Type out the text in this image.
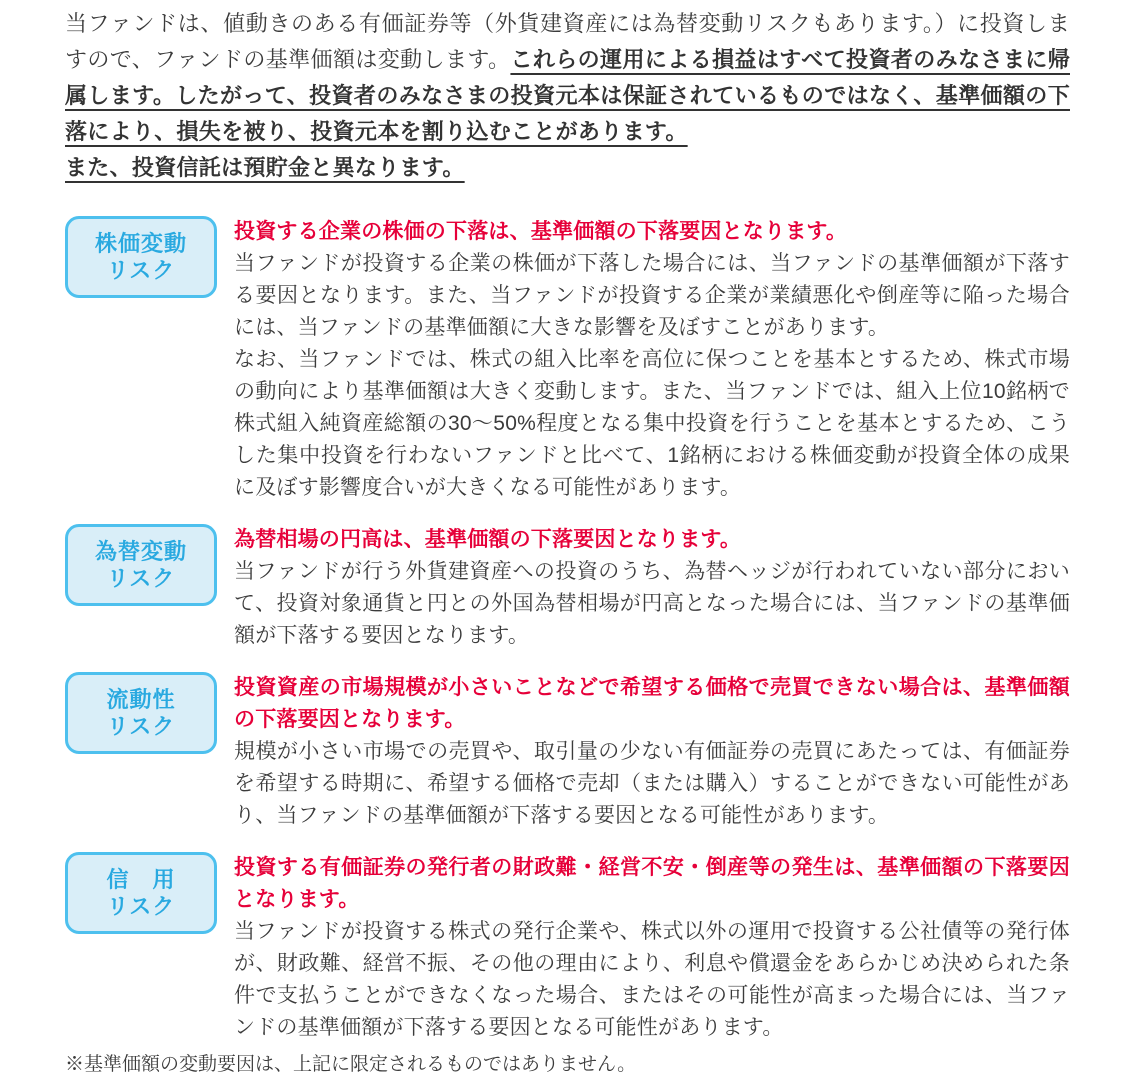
当ファンドは、値動きのある有価証券等（外貨建資産には為替変動リスクもあります。）に投資しますので、ファンドの基準価額は変動します。これらの運用による損益はすべて投資者のみなさまに帰属します。したがって、投資者のみなさまの投資元本は保証されているものではなく、基準価額の下落により、損失を被り、投資元本を割り込むことがあります。

また、投資信託は預貯金と異なります。

株価変動
リスク

投資する企業の株価の下落は、基準価額の下落要因となります。

当ファンドが投資する企業の株価が下落した場合には、当ファンドの基準価額が下落する要因となります。また、当ファンドが投資する企業が業績悪化や倒産等に陥った場合には、当ファンドの基準価額に大きな影響を及ぼすことがあります。

なお、当ファンドでは、株式の組入比率を高位に保つことを基本とするため、株式市場の動向により基準価額は大きく変動します。また、当ファンドでは、組入上位10銘柄で株式組入純資産総額の30〜50%程度となる集中投資を行うことを基本とするため、こうした集中投資を行わないファンドと比べて、1銘柄における株価変動が投資全体の成果に及ぼす影響度合いが大きくなる可能性があります。

為替変動
リスク

為替相場の円高は、基準価額の下落要因となります。

当ファンドが行う外貨建資産への投資のうち、為替ヘッジが行われていない部分において、投資対象通貨と円との外国為替相場が円高となった場合には、当ファンドの基準価額が下落する要因となります。

流動性
リスク

投資資産の市場規模が小さいことなどで希望する価格で売買できない場合は、基準価額の下落要因となります。

規模が小さい市場での売買や、取引量の少ない有価証券の売買にあたっては、有価証券を希望する時期に、希望する価格で売却（または購入）することができない可能性があり、当ファンドの基準価額が下落する要因となる可能性があります。

信　用
リスク

投資する有価証券の発行者の財政難・経営不安・倒産等の発生は、基準価額の下落要因となります。

当ファンドが投資する株式の発行企業や、株式以外の運用で投資する公社債等の発行体が、財政難、経営不振、その他の理由により、利息や償還金をあらかじめ決められた条件で支払うことができなくなった場合、またはその可能性が高まった場合には、当ファンドの基準価額が下落する要因となる可能性があります。

※基準価額の変動要因は、上記に限定されるものではありません。
